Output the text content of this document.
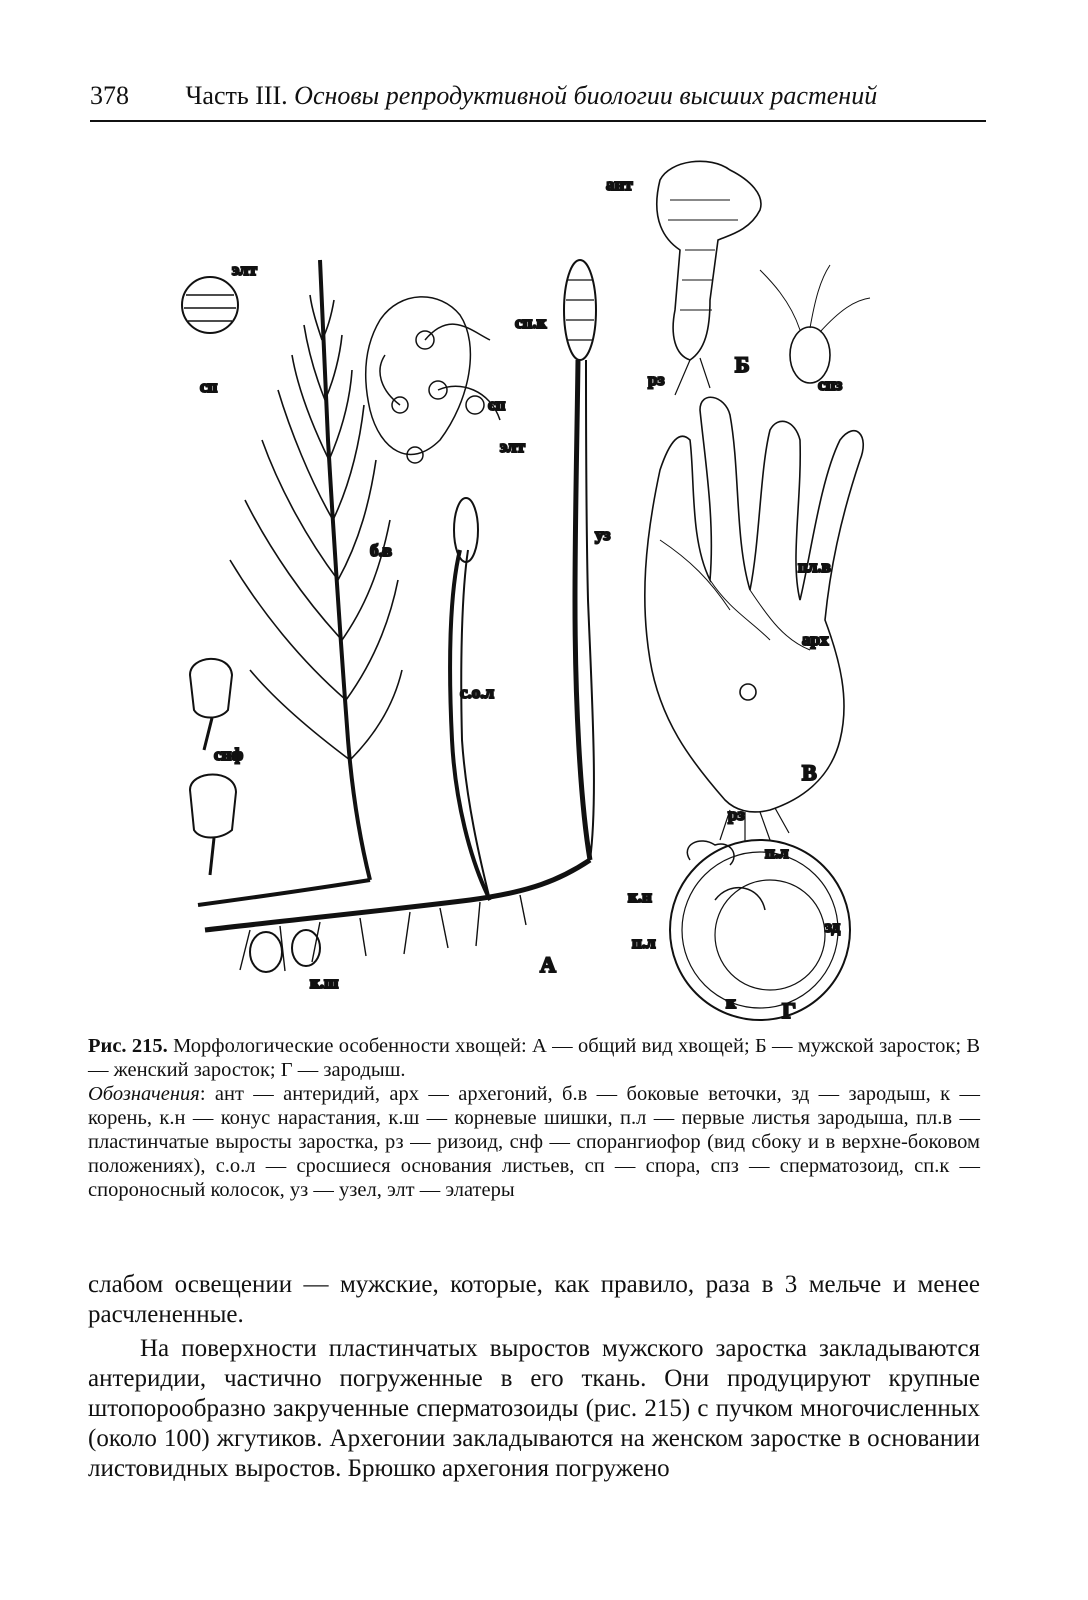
378 Часть III. Основы репродуктивной биологии высших растений
элт
сп
сп
элт
сп.к
уз
б.в
с.о.л
снф
к.ш
А
ант
рз
Б
спз
пл.в
арх
В
рз
п.л
к.н
зд
п.л
к Г
Рис. 215. Морфологические особенности хвощей: А — общий вид хвощей; Б — мужской заросток; В — женский заросток; Г — зародыш.
Обозначения: ант — антеридий, арх — архегоний, б.в — боковые веточки, зд — зародыш, к — корень, к.н — конус нарастания, к.ш — корневые шишки, п.л — первые листья зародыша, пл.в — пластинчатые выросты заростка, рз — ризоид, снф — спорангиофор (вид сбоку и в верхне-боковом положениях), с.о.л — сросшиеся основания листьев, сп — спора, спз — сперматозоид, сп.к — спороносный колосок, уз — узел, элт — элатеры

слабом освещении — мужские, которые, как правило, раза в 3 мельче и менее расчлененные.

На поверхности пластинчатых выростов мужского заростка закладываются антеридии, частично погруженные в его ткань. Они продуцируют крупные штопорообразно закрученные сперматозоиды (рис. 215) с пучком многочисленных (около 100) жгутиков. Архегонии закладываются на женском заростке в основании листовидных выростов. Брюшко архегония погружено
